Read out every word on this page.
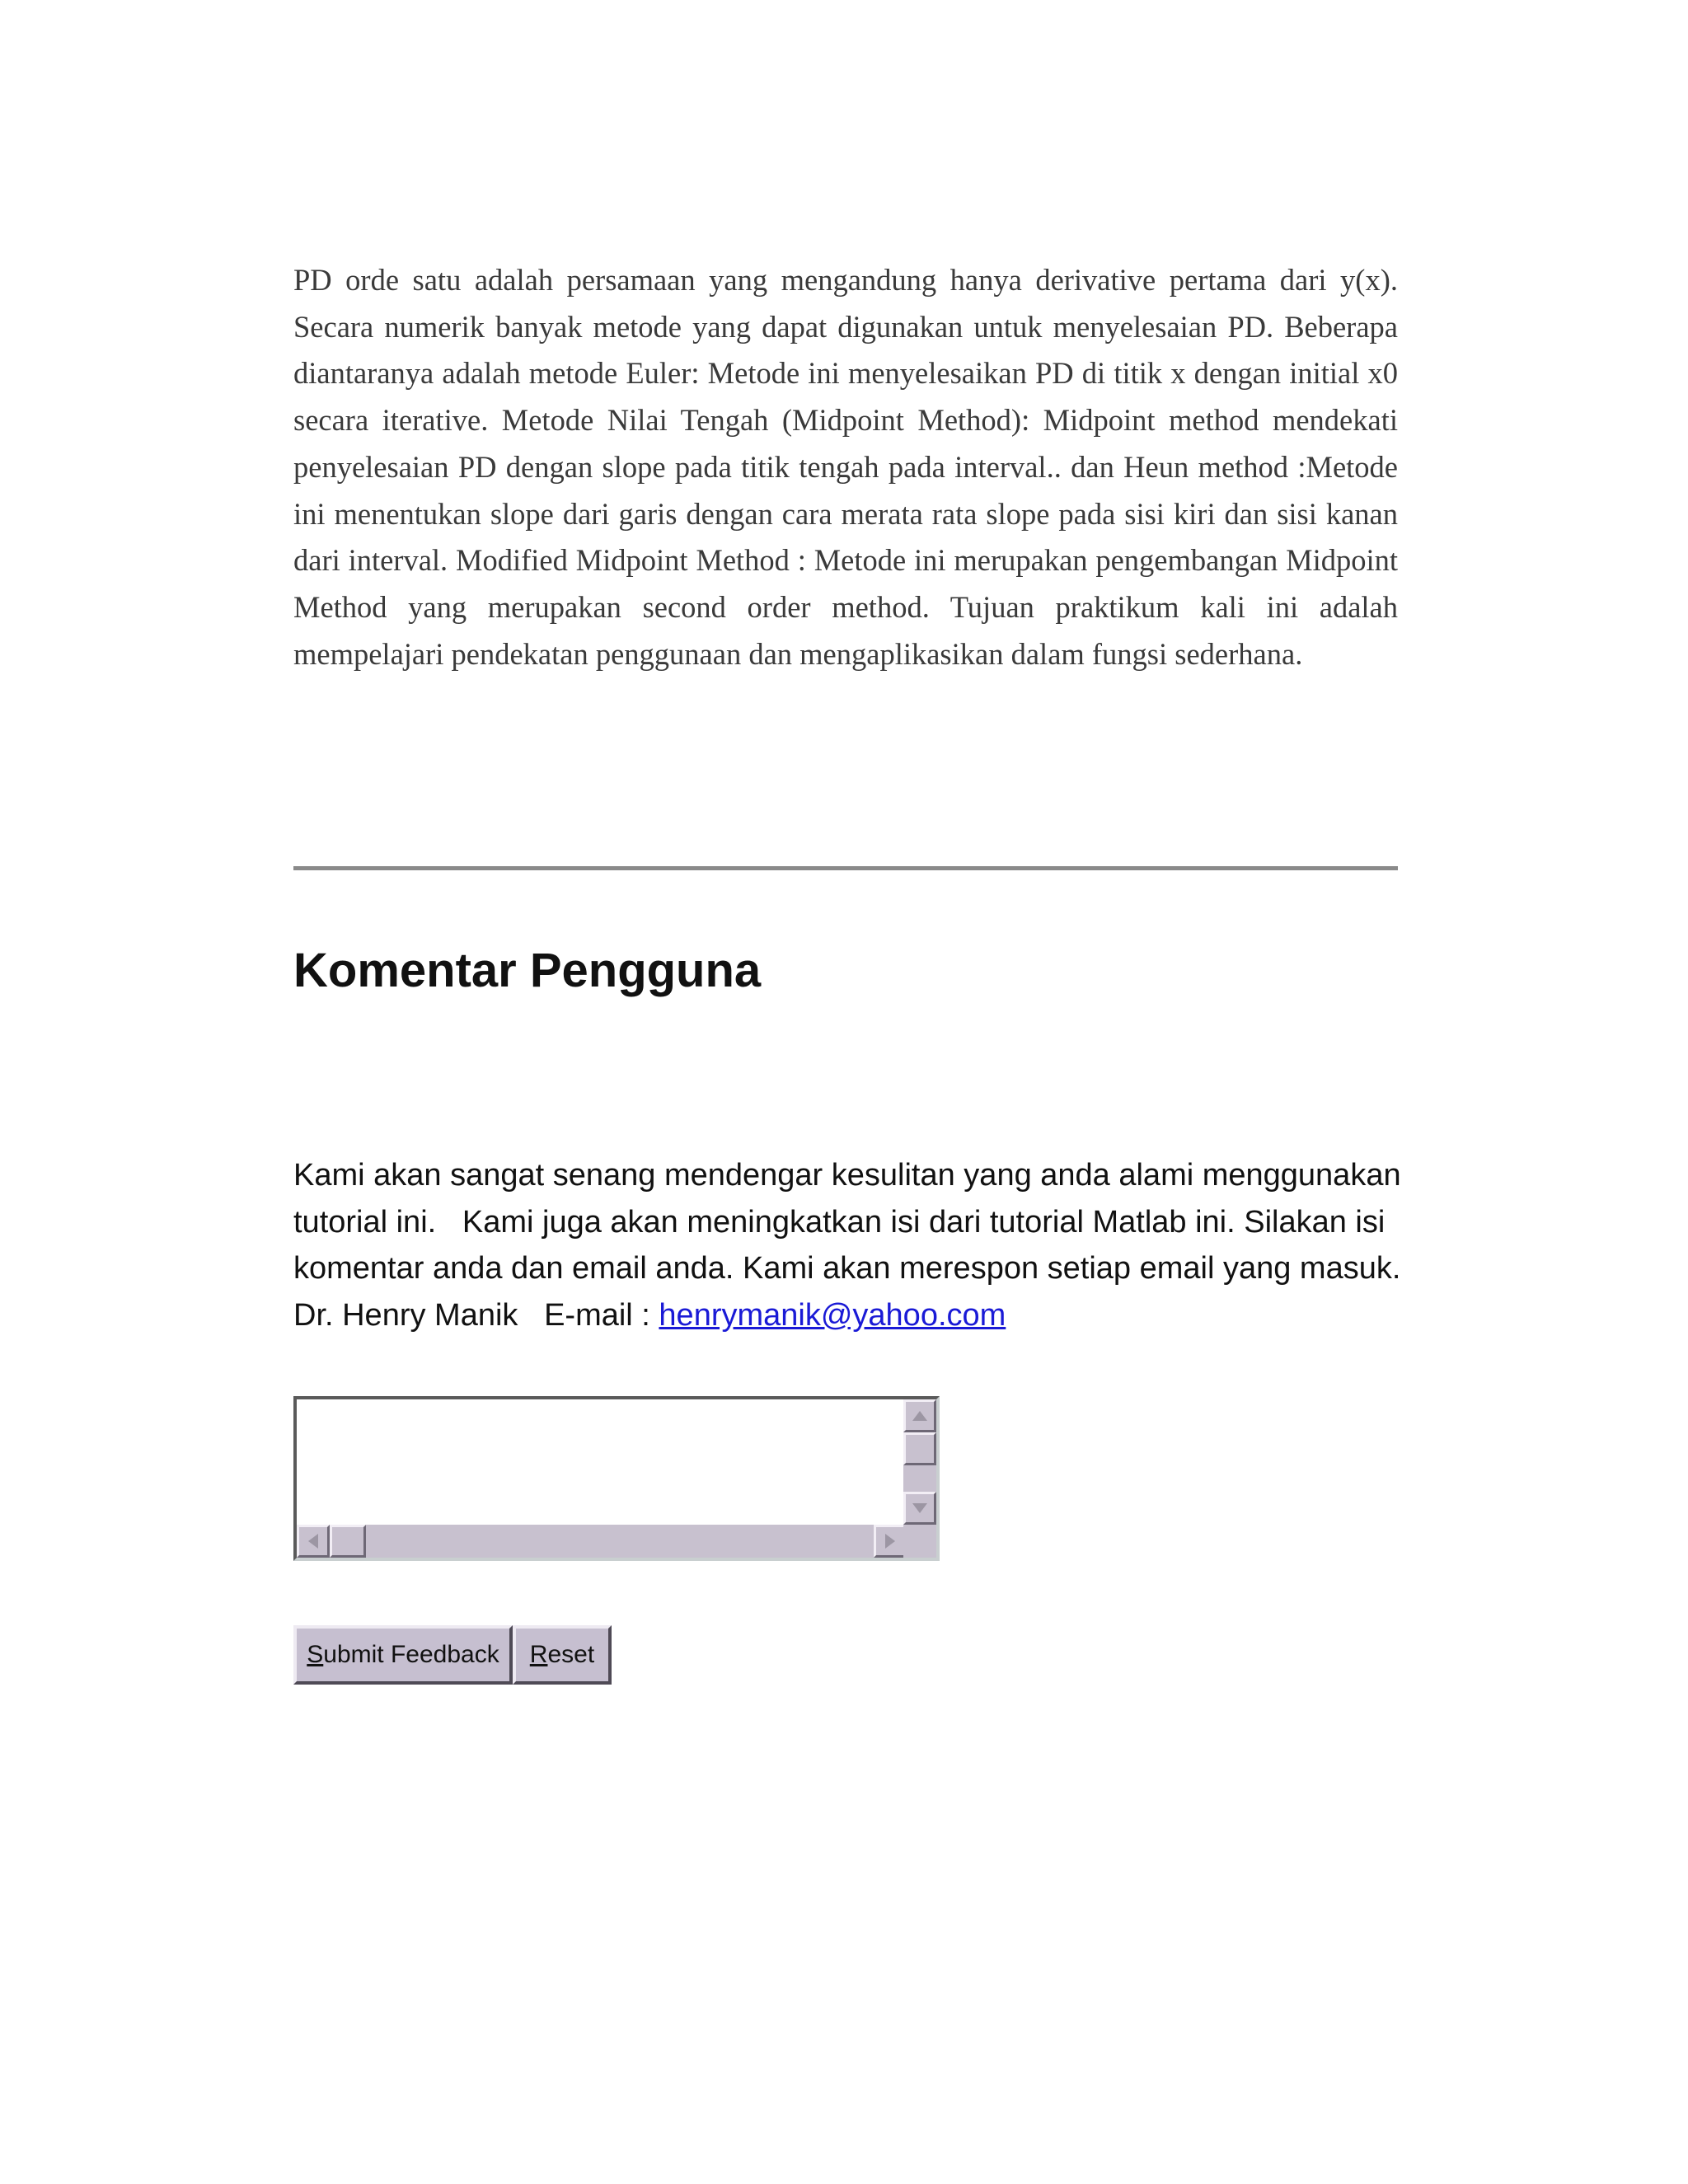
PD orde satu adalah persamaan yang mengandung hanya derivative pertama dari y(x). Secara numerik banyak metode yang dapat digunakan untuk menyelesaian PD. Beberapa diantaranya adalah metode Euler: Metode ini menyelesaikan PD di titik x dengan initial x0 secara iterative. Metode Nilai Tengah (Midpoint Method): Midpoint method mendekati penyelesaian PD dengan slope pada titik tengah pada interval.. dan Heun method :Metode ini menentukan slope dari garis dengan cara merata rata slope pada sisi kiri dan sisi kanan dari interval. Modified Midpoint Method : Metode ini merupakan pengembangan Midpoint Method yang merupakan second order method. Tujuan praktikum kali ini adalah mempelajari pendekatan penggunaan dan mengaplikasikan dalam fungsi sederhana.

Komentar Pengguna

Kami akan sangat senang mendengar kesulitan yang anda alami menggunakan tutorial ini.   Kami juga akan meningkatkan isi dari tutorial Matlab ini. Silakan isi komentar anda dan email anda. Kami akan merespon setiap email yang masuk. Dr. Henry Manik   E-mail : henrymanik@yahoo.com

Submit Feedback	Reset
